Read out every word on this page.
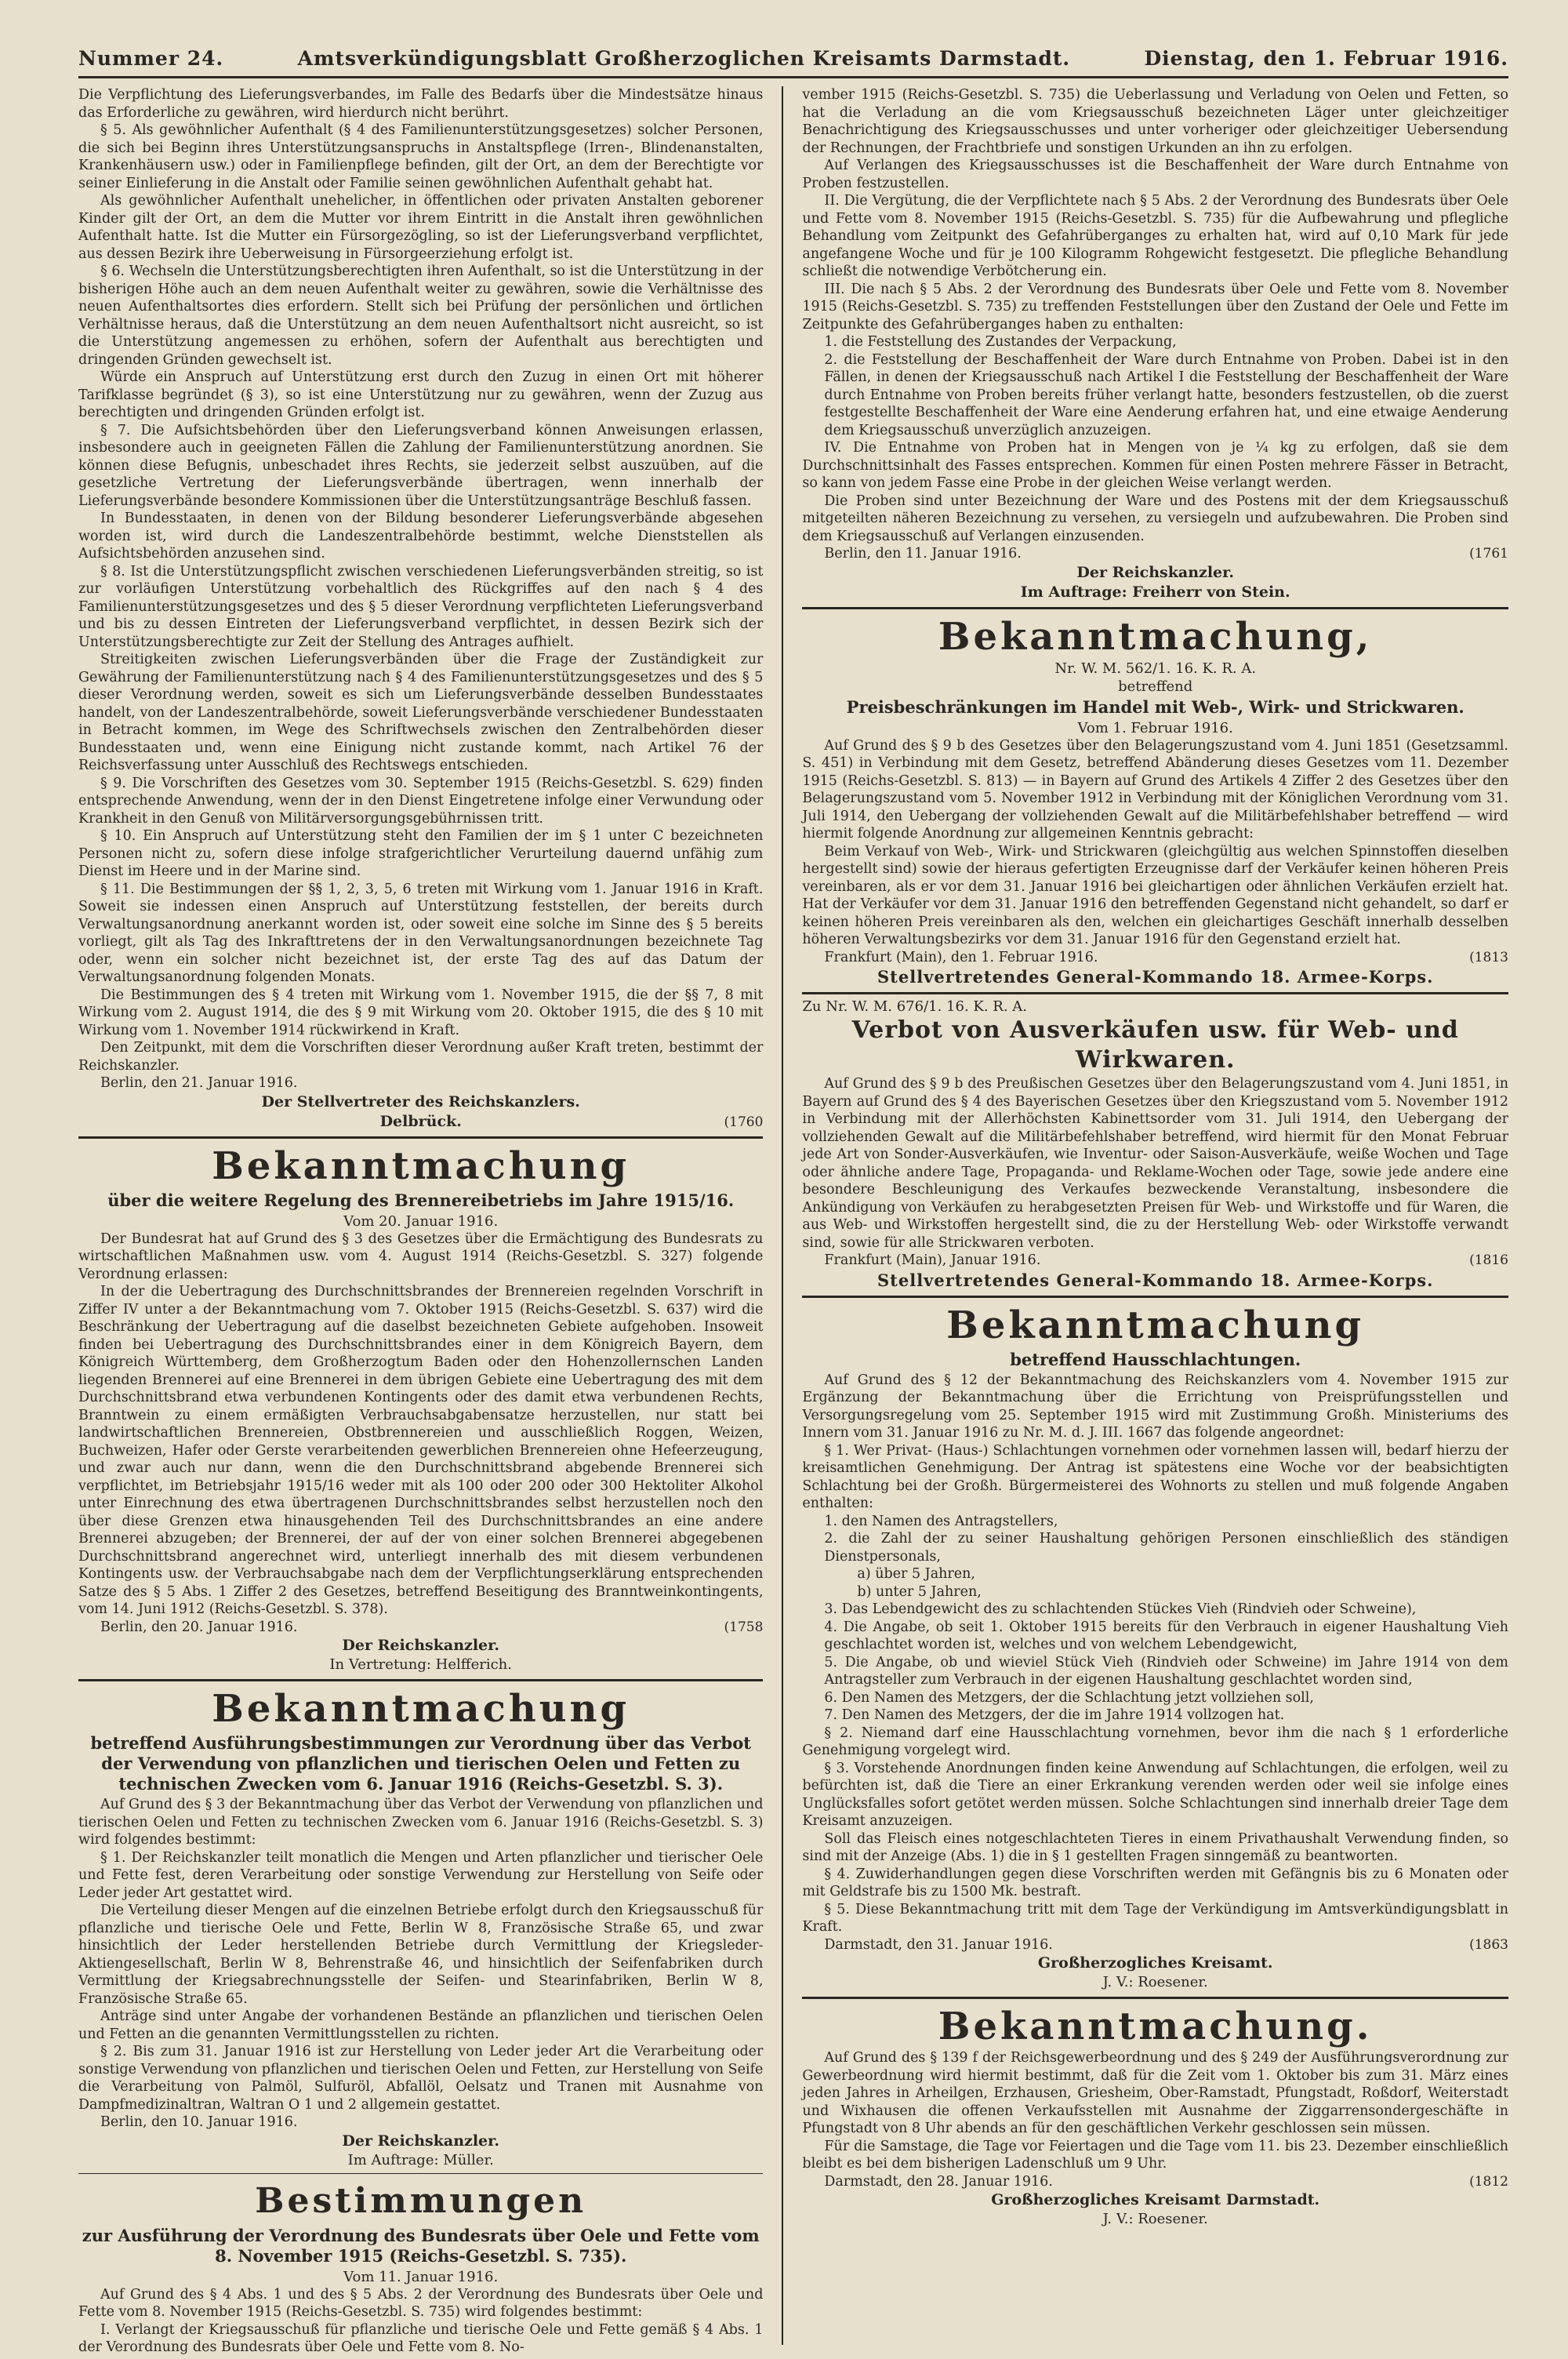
Nummer 24.	Amtsverkündigungsblatt Großherzoglichen Kreisamts Darmstadt.	Dienstag, den 1. Februar 1916.

Die Verpflichtung des Lieferungsverbandes, im Falle des Bedarfs über die Mindestsätze hinaus das Erforderliche zu gewähren, wird hierdurch nicht berührt.

§ 5. Als gewöhnlicher Aufenthalt (§ 4 des Familienunterstützungsgesetzes) solcher Personen, die sich bei Beginn ihres Unterstützungsanspruchs in Anstaltspflege (Irren-, Blindenanstalten, Krankenhäusern usw.) oder in Familienpflege befinden, gilt der Ort, an dem der Berechtigte vor seiner Einlieferung in die Anstalt oder Familie seinen gewöhnlichen Aufenthalt gehabt hat.

Als gewöhnlicher Aufenthalt unehelicher, in öffentlichen oder privaten Anstalten geborener Kinder gilt der Ort, an dem die Mutter vor ihrem Eintritt in die Anstalt ihren gewöhnlichen Aufenthalt hatte. Ist die Mutter ein Fürsorgezögling, so ist der Lieferungsverband verpflichtet, aus dessen Bezirk ihre Ueberweisung in Fürsorgeerziehung erfolgt ist.

§ 6. Wechseln die Unterstützungsberechtigten ihren Aufenthalt, so ist die Unterstützung in der bisherigen Höhe auch an dem neuen Aufenthalt weiter zu gewähren, sowie die Verhältnisse des neuen Aufenthaltsortes dies erfordern. Stellt sich bei Prüfung der persönlichen und örtlichen Verhältnisse heraus, daß die Unterstützung an dem neuen Aufenthaltsort nicht ausreicht, so ist die Unterstützung angemessen zu erhöhen, sofern der Aufenthalt aus berechtigten und dringenden Gründen gewechselt ist.

Würde ein Anspruch auf Unterstützung erst durch den Zuzug in einen Ort mit höherer Tarifklasse begründet (§ 3), so ist eine Unterstützung nur zu gewähren, wenn der Zuzug aus berechtigten und dringenden Gründen erfolgt ist.

§ 7. Die Aufsichtsbehörden über den Lieferungsverband können Anweisungen erlassen, insbesondere auch in geeigneten Fällen die Zahlung der Familienunterstützung anordnen. Sie können diese Befugnis, unbeschadet ihres Rechts, sie jederzeit selbst auszuüben, auf die gesetzliche Vertretung der Lieferungsverbände übertragen, wenn innerhalb der Lieferungsverbände besondere Kommissionen über die Unterstützungsanträge Beschluß fassen.

In Bundesstaaten, in denen von der Bildung besonderer Lieferungsverbände abgesehen worden ist, wird durch die Landeszentralbehörde bestimmt, welche Dienststellen als Aufsichtsbehörden anzusehen sind.

§ 8. Ist die Unterstützungspflicht zwischen verschiedenen Lieferungsverbänden streitig, so ist zur vorläufigen Unterstützung vorbehaltlich des Rückgriffes auf den nach § 4 des Familienunterstützungsgesetzes und des § 5 dieser Verordnung verpflichteten Lieferungsverband und bis zu dessen Eintreten der Lieferungsverband verpflichtet, in dessen Bezirk sich der Unterstützungsberechtigte zur Zeit der Stellung des Antrages aufhielt.

Streitigkeiten zwischen Lieferungsverbänden über die Frage der Zuständigkeit zur Gewährung der Familienunterstützung nach § 4 des Familienunterstützungsgesetzes und des § 5 dieser Verordnung werden, soweit es sich um Lieferungsverbände desselben Bundesstaates handelt, von der Landeszentralbehörde, soweit Lieferungsverbände verschiedener Bundesstaaten in Betracht kommen, im Wege des Schriftwechsels zwischen den Zentralbehörden dieser Bundesstaaten und, wenn eine Einigung nicht zustande kommt, nach Artikel 76 der Reichsverfassung unter Ausschluß des Rechtswegs entschieden.

§ 9. Die Vorschriften des Gesetzes vom 30. September 1915 (Reichs-Gesetzbl. S. 629) finden entsprechende Anwendung, wenn der in den Dienst Eingetretene infolge einer Verwundung oder Krankheit in den Genuß von Militärversorgungsgebührnissen tritt.

§ 10. Ein Anspruch auf Unterstützung steht den Familien der im § 1 unter C bezeichneten Personen nicht zu, sofern diese infolge strafgerichtlicher Verurteilung dauernd unfähig zum Dienst im Heere und in der Marine sind.

§ 11. Die Bestimmungen der §§ 1, 2, 3, 5, 6 treten mit Wirkung vom 1. Januar 1916 in Kraft. Soweit sie indessen einen Anspruch auf Unterstützung feststellen, der bereits durch Verwaltungsanordnung anerkannt worden ist, oder soweit eine solche im Sinne des § 5 bereits vorliegt, gilt als Tag des Inkrafttretens der in den Verwaltungsanordnungen bezeichnete Tag oder, wenn ein solcher nicht bezeichnet ist, der erste Tag des auf das Datum der Verwaltungsanordnung folgenden Monats.

Die Bestimmungen des § 4 treten mit Wirkung vom 1. November 1915, die der §§ 7, 8 mit Wirkung vom 2. August 1914, die des § 9 mit Wirkung vom 20. Oktober 1915, die des § 10 mit Wirkung vom 1. November 1914 rückwirkend in Kraft.

Den Zeitpunkt, mit dem die Vorschriften dieser Verordnung außer Kraft treten, bestimmt der Reichskanzler.

Berlin, den 21. Januar 1916.

Der Stellvertreter des Reichskanzlers.
Delbrück.	(1760
Bekanntmachung
über die weitere Regelung des Brennereibetriebs im Jahre 1915/16.
Vom 20. Januar 1916.

Der Bundesrat hat auf Grund des § 3 des Gesetzes über die Ermächtigung des Bundesrats zu wirtschaftlichen Maßnahmen usw. vom 4. August 1914 (Reichs-Gesetzbl. S. 327) folgende Verordnung erlassen:

In der die Uebertragung des Durchschnittsbrandes der Brennereien regelnden Vorschrift in Ziffer IV unter a der Bekanntmachung vom 7. Oktober 1915 (Reichs-Gesetzbl. S. 637) wird die Beschränkung der Uebertragung auf die daselbst bezeichneten Gebiete aufgehoben. Insoweit finden bei Uebertragung des Durchschnittsbrandes einer in dem Königreich Bayern, dem Königreich Württemberg, dem Großherzogtum Baden oder den Hohenzollernschen Landen liegenden Brennerei auf eine Brennerei in dem übrigen Gebiete eine Uebertragung des mit dem Durchschnittsbrand etwa verbundenen Kontingents oder des damit etwa verbundenen Rechts, Branntwein zu einem ermäßigten Verbrauchsabgabensatze herzustellen, nur statt bei landwirtschaftlichen Brennereien, Obstbrennereien und ausschließlich Roggen, Weizen, Buchweizen, Hafer oder Gerste verarbeitenden gewerblichen Brennereien ohne Hefeerzeugung, und zwar auch nur dann, wenn die den Durchschnittsbrand abgebende Brennerei sich verpflichtet, im Betriebsjahr 1915/16 weder mit als 100 oder 200 oder 300 Hektoliter Alkohol unter Einrechnung des etwa übertragenen Durchschnittsbrandes selbst herzustellen noch den über diese Grenzen etwa hinausgehenden Teil des Durchschnittsbrandes an eine andere Brennerei abzugeben; der Brennerei, der auf der von einer solchen Brennerei abgegebenen Durchschnittsbrand angerechnet wird, unterliegt innerhalb des mit diesem verbundenen Kontingents usw. der Verbrauchsabgabe nach dem der Verpflichtungserklärung entsprechenden Satze des § 5 Abs. 1 Ziffer 2 des Gesetzes, betreffend Beseitigung des Branntweinkontingents, vom 14. Juni 1912 (Reichs-Gesetzbl. S. 378).

Berlin, den 20. Januar 1916.	(1758
Der Reichskanzler.
In Vertretung: Helfferich.
Bekanntmachung
betreffend Ausführungsbestimmungen zur Verordnung über das Verbot der Verwendung von pflanzlichen und tierischen Oelen und Fetten zu technischen Zwecken vom 6. Januar 1916 (Reichs-Gesetzbl. S. 3).

Auf Grund des § 3 der Bekanntmachung über das Verbot der Verwendung von pflanzlichen und tierischen Oelen und Fetten zu technischen Zwecken vom 6. Januar 1916 (Reichs-Gesetzbl. S. 3) wird folgendes bestimmt:

§ 1. Der Reichskanzler teilt monatlich die Mengen und Arten pflanzlicher und tierischer Oele und Fette fest, deren Verarbeitung oder sonstige Verwendung zur Herstellung von Seife oder Leder jeder Art gestattet wird.

Die Verteilung dieser Mengen auf die einzelnen Betriebe erfolgt durch den Kriegsausschuß für pflanzliche und tierische Oele und Fette, Berlin W 8, Französische Straße 65, und zwar hinsichtlich der Leder herstellenden Betriebe durch Vermittlung der Kriegsleder-Aktiengesellschaft, Berlin W 8, Behrenstraße 46, und hinsichtlich der Seifenfabriken durch Vermittlung der Kriegsabrechnungsstelle der Seifen- und Stearinfabriken, Berlin W 8, Französische Straße 65.

Anträge sind unter Angabe der vorhandenen Bestände an pflanzlichen und tierischen Oelen und Fetten an die genannten Vermittlungsstellen zu richten.

§ 2. Bis zum 31. Januar 1916 ist zur Herstellung von Leder jeder Art die Verarbeitung oder sonstige Verwendung von pflanzlichen und tierischen Oelen und Fetten, zur Herstellung von Seife die Verarbeitung von Palmöl, Sulfuröl, Abfallöl, Oelsatz und Tranen mit Ausnahme von Dampfmedizinaltran, Waltran O 1 und 2 allgemein gestattet.

Berlin, den 10. Januar 1916.

Der Reichskanzler.
Im Auftrage: Müller.
Bestimmungen
zur Ausführung der Verordnung des Bundesrats über Oele und Fette vom 8. November 1915 (Reichs-Gesetzbl. S. 735).
Vom 11. Januar 1916.

Auf Grund des § 4 Abs. 1 und des § 5 Abs. 2 der Verordnung des Bundesrats über Oele und Fette vom 8. November 1915 (Reichs-Gesetzbl. S. 735) wird folgendes bestimmt:

I. Verlangt der Kriegsausschuß für pflanzliche und tierische Oele und Fette gemäß § 4 Abs. 1 der Verordnung des Bundesrats über Oele und Fette vom 8. No-

vember 1915 (Reichs-Gesetzbl. S. 735) die Ueberlassung und Verladung von Oelen und Fetten, so hat die Verladung an die vom Kriegsausschuß bezeichneten Läger unter gleichzeitiger Benachrichtigung des Kriegsausschusses und unter vorheriger oder gleichzeitiger Uebersendung der Rechnungen, der Frachtbriefe und sonstigen Urkunden an ihn zu erfolgen.

Auf Verlangen des Kriegsausschusses ist die Beschaffenheit der Ware durch Entnahme von Proben festzustellen.

II. Die Vergütung, die der Verpflichtete nach § 5 Abs. 2 der Verordnung des Bundesrats über Oele und Fette vom 8. November 1915 (Reichs-Gesetzbl. S. 735) für die Aufbewahrung und pflegliche Behandlung vom Zeitpunkt des Gefahrüberganges zu erhalten hat, wird auf 0,10 Mark für jede angefangene Woche und für je 100 Kilogramm Rohgewicht festgesetzt. Die pflegliche Behandlung schließt die notwendige Verbötcherung ein.

III. Die nach § 5 Abs. 2 der Verordnung des Bundesrats über Oele und Fette vom 8. November 1915 (Reichs-Gesetzbl. S. 735) zu treffenden Feststellungen über den Zustand der Oele und Fette im Zeitpunkte des Gefahrüberganges haben zu enthalten:

1. die Feststellung des Zustandes der Verpackung,

2. die Feststellung der Beschaffenheit der Ware durch Entnahme von Proben. Dabei ist in den Fällen, in denen der Kriegsausschuß nach Artikel I die Feststellung der Beschaffenheit der Ware durch Entnahme von Proben bereits früher verlangt hatte, besonders festzustellen, ob die zuerst festgestellte Beschaffenheit der Ware eine Aenderung erfahren hat, und eine etwaige Aenderung dem Kriegsausschuß unverzüglich anzuzeigen.

IV. Die Entnahme von Proben hat in Mengen von je ¼ kg zu erfolgen, daß sie dem Durchschnittsinhalt des Fasses entsprechen. Kommen für einen Posten mehrere Fässer in Betracht, so kann von jedem Fasse eine Probe in der gleichen Weise verlangt werden.

Die Proben sind unter Bezeichnung der Ware und des Postens mit der dem Kriegsausschuß mitgeteilten näheren Bezeichnung zu versehen, zu versiegeln und aufzubewahren. Die Proben sind dem Kriegsausschuß auf Verlangen einzusenden.

Berlin, den 11. Januar 1916.	(1761
Der Reichskanzler.
Im Auftrage: Freiherr von Stein.
Bekanntmachung,
Nr. W. M. 562/1. 16. K. R. A.
betreffend
Preisbeschränkungen im Handel mit Web-, Wirk- und Strickwaren.
Vom 1. Februar 1916.

Auf Grund des § 9 b des Gesetzes über den Belagerungszustand vom 4. Juni 1851 (Gesetzsamml. S. 451) in Verbindung mit dem Gesetz, betreffend Abänderung dieses Gesetzes vom 11. Dezember 1915 (Reichs-Gesetzbl. S. 813) — in Bayern auf Grund des Artikels 4 Ziffer 2 des Gesetzes über den Belagerungszustand vom 5. November 1912 in Verbindung mit der Königlichen Verordnung vom 31. Juli 1914, den Uebergang der vollziehenden Gewalt auf die Militärbefehlshaber betreffend — wird hiermit folgende Anordnung zur allgemeinen Kenntnis gebracht:

Beim Verkauf von Web-, Wirk- und Strickwaren (gleichgültig aus welchen Spinnstoffen dieselben hergestellt sind) sowie der hieraus gefertigten Erzeugnisse darf der Verkäufer keinen höheren Preis vereinbaren, als er vor dem 31. Januar 1916 bei gleichartigen oder ähnlichen Verkäufen erzielt hat. Hat der Verkäufer vor dem 31. Januar 1916 den betreffenden Gegenstand nicht gehandelt, so darf er keinen höheren Preis vereinbaren als den, welchen ein gleichartiges Geschäft innerhalb desselben höheren Verwaltungsbezirks vor dem 31. Januar 1916 für den Gegenstand erzielt hat.

Frankfurt (Main), den 1. Februar 1916.	(1813
Stellvertretendes General-Kommando 18. Armee-Korps.
Zu Nr. W. M. 676/1. 16. K. R. A.
Verbot von Ausverkäufen usw. für Web- und Wirkwaren.

Auf Grund des § 9 b des Preußischen Gesetzes über den Belagerungszustand vom 4. Juni 1851, in Bayern auf Grund des § 4 des Bayerischen Gesetzes über den Kriegszustand vom 5. November 1912 in Verbindung mit der Allerhöchsten Kabinettsorder vom 31. Juli 1914, den Uebergang der vollziehenden Gewalt auf die Militärbefehlshaber betreffend, wird hiermit für den Monat Februar jede Art von Sonder-Ausverkäufen, wie Inventur- oder Saison-Ausverkäufe, weiße Wochen und Tage oder ähnliche andere Tage, Propaganda- und Reklame-Wochen oder Tage, sowie jede andere eine besondere Beschleunigung des Verkaufes bezweckende Veranstaltung, insbesondere die Ankündigung von Verkäufen zu herabgesetzten Preisen für Web- und Wirkstoffe und für Waren, die aus Web- und Wirkstoffen hergestellt sind, die zu der Herstellung Web- oder Wirkstoffe verwandt sind, sowie für alle Strickwaren verboten.

Frankfurt (Main), Januar 1916.	(1816
Stellvertretendes General-Kommando 18. Armee-Korps.
Bekanntmachung
betreffend Hausschlachtungen.

Auf Grund des § 12 der Bekanntmachung des Reichskanzlers vom 4. November 1915 zur Ergänzung der Bekanntmachung über die Errichtung von Preisprüfungsstellen und Versorgungsregelung vom 25. September 1915 wird mit Zustimmung Großh. Ministeriums des Innern vom 31. Januar 1916 zu Nr. M. d. J. III. 1667 das folgende angeordnet:

§ 1. Wer Privat- (Haus-) Schlachtungen vornehmen oder vornehmen lassen will, bedarf hierzu der kreisamtlichen Genehmigung. Der Antrag ist spätestens eine Woche vor der beabsichtigten Schlachtung bei der Großh. Bürgermeisterei des Wohnorts zu stellen und muß folgende Angaben enthalten:

1. den Namen des Antragstellers,

2. die Zahl der zu seiner Haushaltung gehörigen Personen einschließlich des ständigen Dienstpersonals,

a) über 5 Jahren,

b) unter 5 Jahren,

3. Das Lebendgewicht des zu schlachtenden Stückes Vieh (Rindvieh oder Schweine),

4. Die Angabe, ob seit 1. Oktober 1915 bereits für den Verbrauch in eigener Haushaltung Vieh geschlachtet worden ist, welches und von welchem Lebendgewicht,

5. Die Angabe, ob und wieviel Stück Vieh (Rindvieh oder Schweine) im Jahre 1914 von dem Antragsteller zum Verbrauch in der eigenen Haushaltung geschlachtet worden sind,

6. Den Namen des Metzgers, der die Schlachtung jetzt vollziehen soll,

7. Den Namen des Metzgers, der die im Jahre 1914 vollzogen hat.

§ 2. Niemand darf eine Hausschlachtung vornehmen, bevor ihm die nach § 1 erforderliche Genehmigung vorgelegt wird.

§ 3. Vorstehende Anordnungen finden keine Anwendung auf Schlachtungen, die erfolgen, weil zu befürchten ist, daß die Tiere an einer Erkrankung verenden werden oder weil sie infolge eines Unglücksfalles sofort getötet werden müssen. Solche Schlachtungen sind innerhalb dreier Tage dem Kreisamt anzuzeigen.

Soll das Fleisch eines notgeschlachteten Tieres in einem Privathaushalt Verwendung finden, so sind mit der Anzeige (Abs. 1) die in § 1 gestellten Fragen sinngemäß zu beantworten.

§ 4. Zuwiderhandlungen gegen diese Vorschriften werden mit Gefängnis bis zu 6 Monaten oder mit Geldstrafe bis zu 1500 Mk. bestraft.

§ 5. Diese Bekanntmachung tritt mit dem Tage der Verkündigung im Amtsverkündigungsblatt in Kraft.

Darmstadt, den 31. Januar 1916.	(1863
Großherzogliches Kreisamt.
J. V.: Roesener.
Bekanntmachung.

Auf Grund des § 139 f der Reichsgewerbeordnung und des § 249 der Ausführungsverordnung zur Gewerbeordnung wird hiermit bestimmt, daß für die Zeit vom 1. Oktober bis zum 31. März eines jeden Jahres in Arheilgen, Erzhausen, Griesheim, Ober-Ramstadt, Pfungstadt, Roßdorf, Weiterstadt und Wixhausen die offenen Verkaufsstellen mit Ausnahme der Ziggarrensondergeschäfte in Pfungstadt von 8 Uhr abends an für den geschäftlichen Verkehr geschlossen sein müssen.

Für die Samstage, die Tage vor Feiertagen und die Tage vom 11. bis 23. Dezember einschließlich bleibt es bei dem bisherigen Ladenschluß um 9 Uhr.

Darmstadt, den 28. Januar 1916.	(1812
Großherzogliches Kreisamt Darmstadt.
J. V.: Roesener.
